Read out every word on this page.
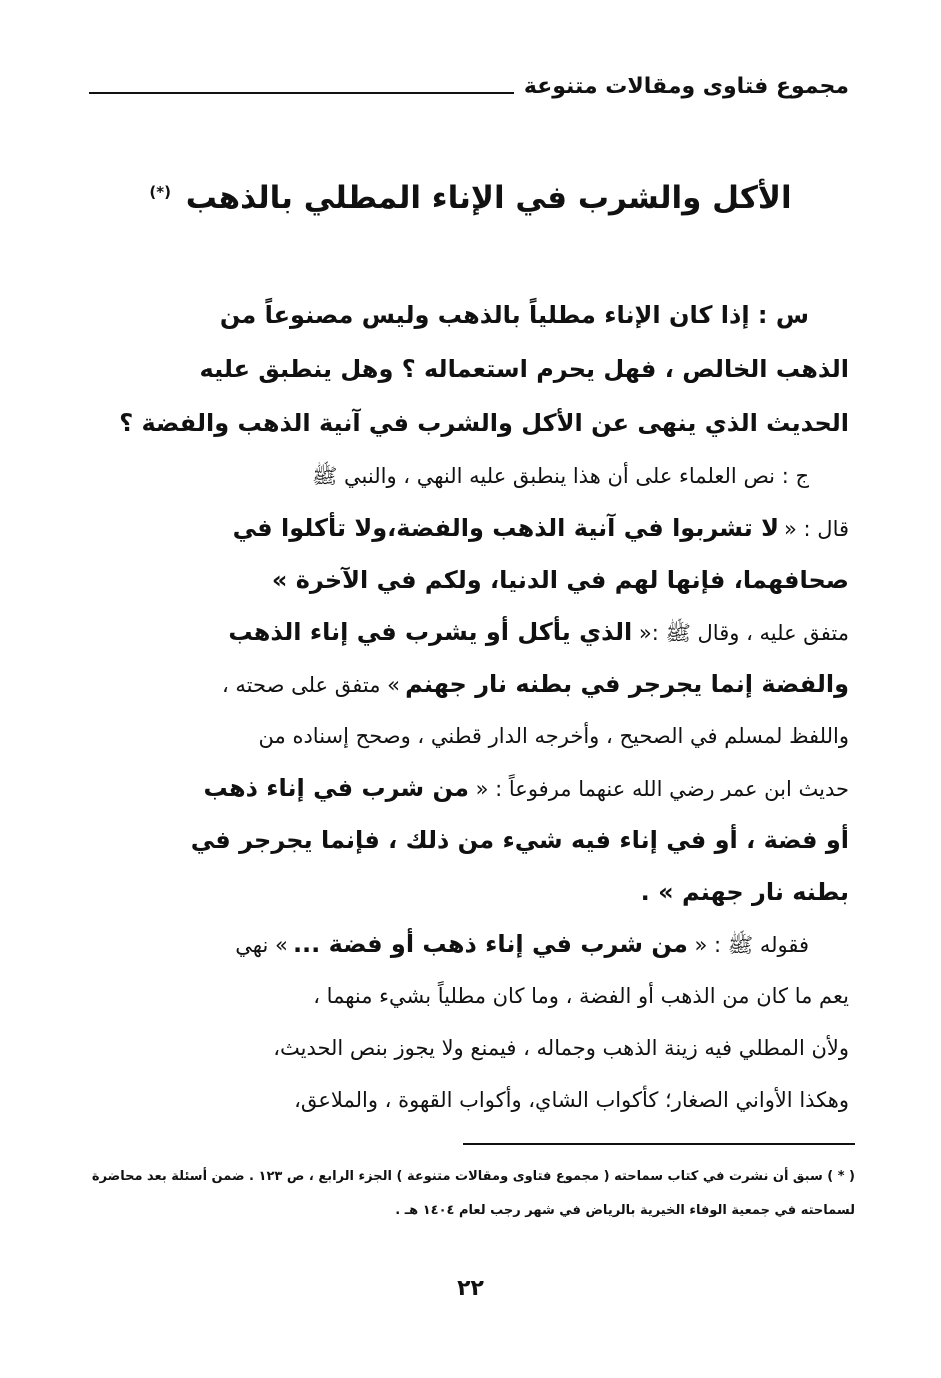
مجموع فتاوى ومقالات متنوعة
الأكل والشرب في الإناء المطلي بالذهب (*)
س : إذا كان الإناء مطلياً بالذهب وليس مصنوعاً من
الذهب الخالص ، فهل يحرم استعماله ؟ وهل ينطبق عليه
الحديث الذي ينهى عن الأكل والشرب في آنية الذهب والفضة ؟
ج : نص العلماء على أن هذا ينطبق عليه النهي ، والنبي ﷺ
قال : « لا تشربوا في آنية الذهب والفضة،ولا تأكلوا في
صحافهما، فإنها لهم في الدنيا، ولكم في الآخرة »
متفق عليه ، وقال ﷺ :« الذي يأكل أو يشرب في إناء الذهب
والفضة إنما يجرجر في بطنه نار جهنم » متفق على صحته ،
واللفظ لمسلم في الصحيح ، وأخرجه الدار قطني ، وصحح إسناده من
حديث ابن عمر رضي الله عنهما مرفوعاً : « من شرب في إناء ذهب
أو فضة ، أو في إناء فيه شيء من ذلك ، فإنما يجرجر في
بطنه نار جهنم » .
فقوله ﷺ : « من شرب في إناء ذهب أو فضة ... » نهي
يعم ما كان من الذهب أو الفضة ، وما كان مطلياً بشيء منهما ،
ولأن المطلي فيه زينة الذهب وجماله ، فيمنع ولا يجوز بنص الحديث،
وهكذا الأواني الصغار؛ كأكواب الشاي، وأكواب القهوة ، والملاعق،
( * ) سبق أن نشرت في كتاب سماحته ( مجموع فتاوى ومقالات متنوعة ) الجزء الرابع ، ص ١٢٣ . ضمن أسئلة بعد محاضرة
لسماحته في جمعية الوفاء الخيرية بالرياض في شهر رجب لعام ١٤٠٤ هـ .
٢٢
